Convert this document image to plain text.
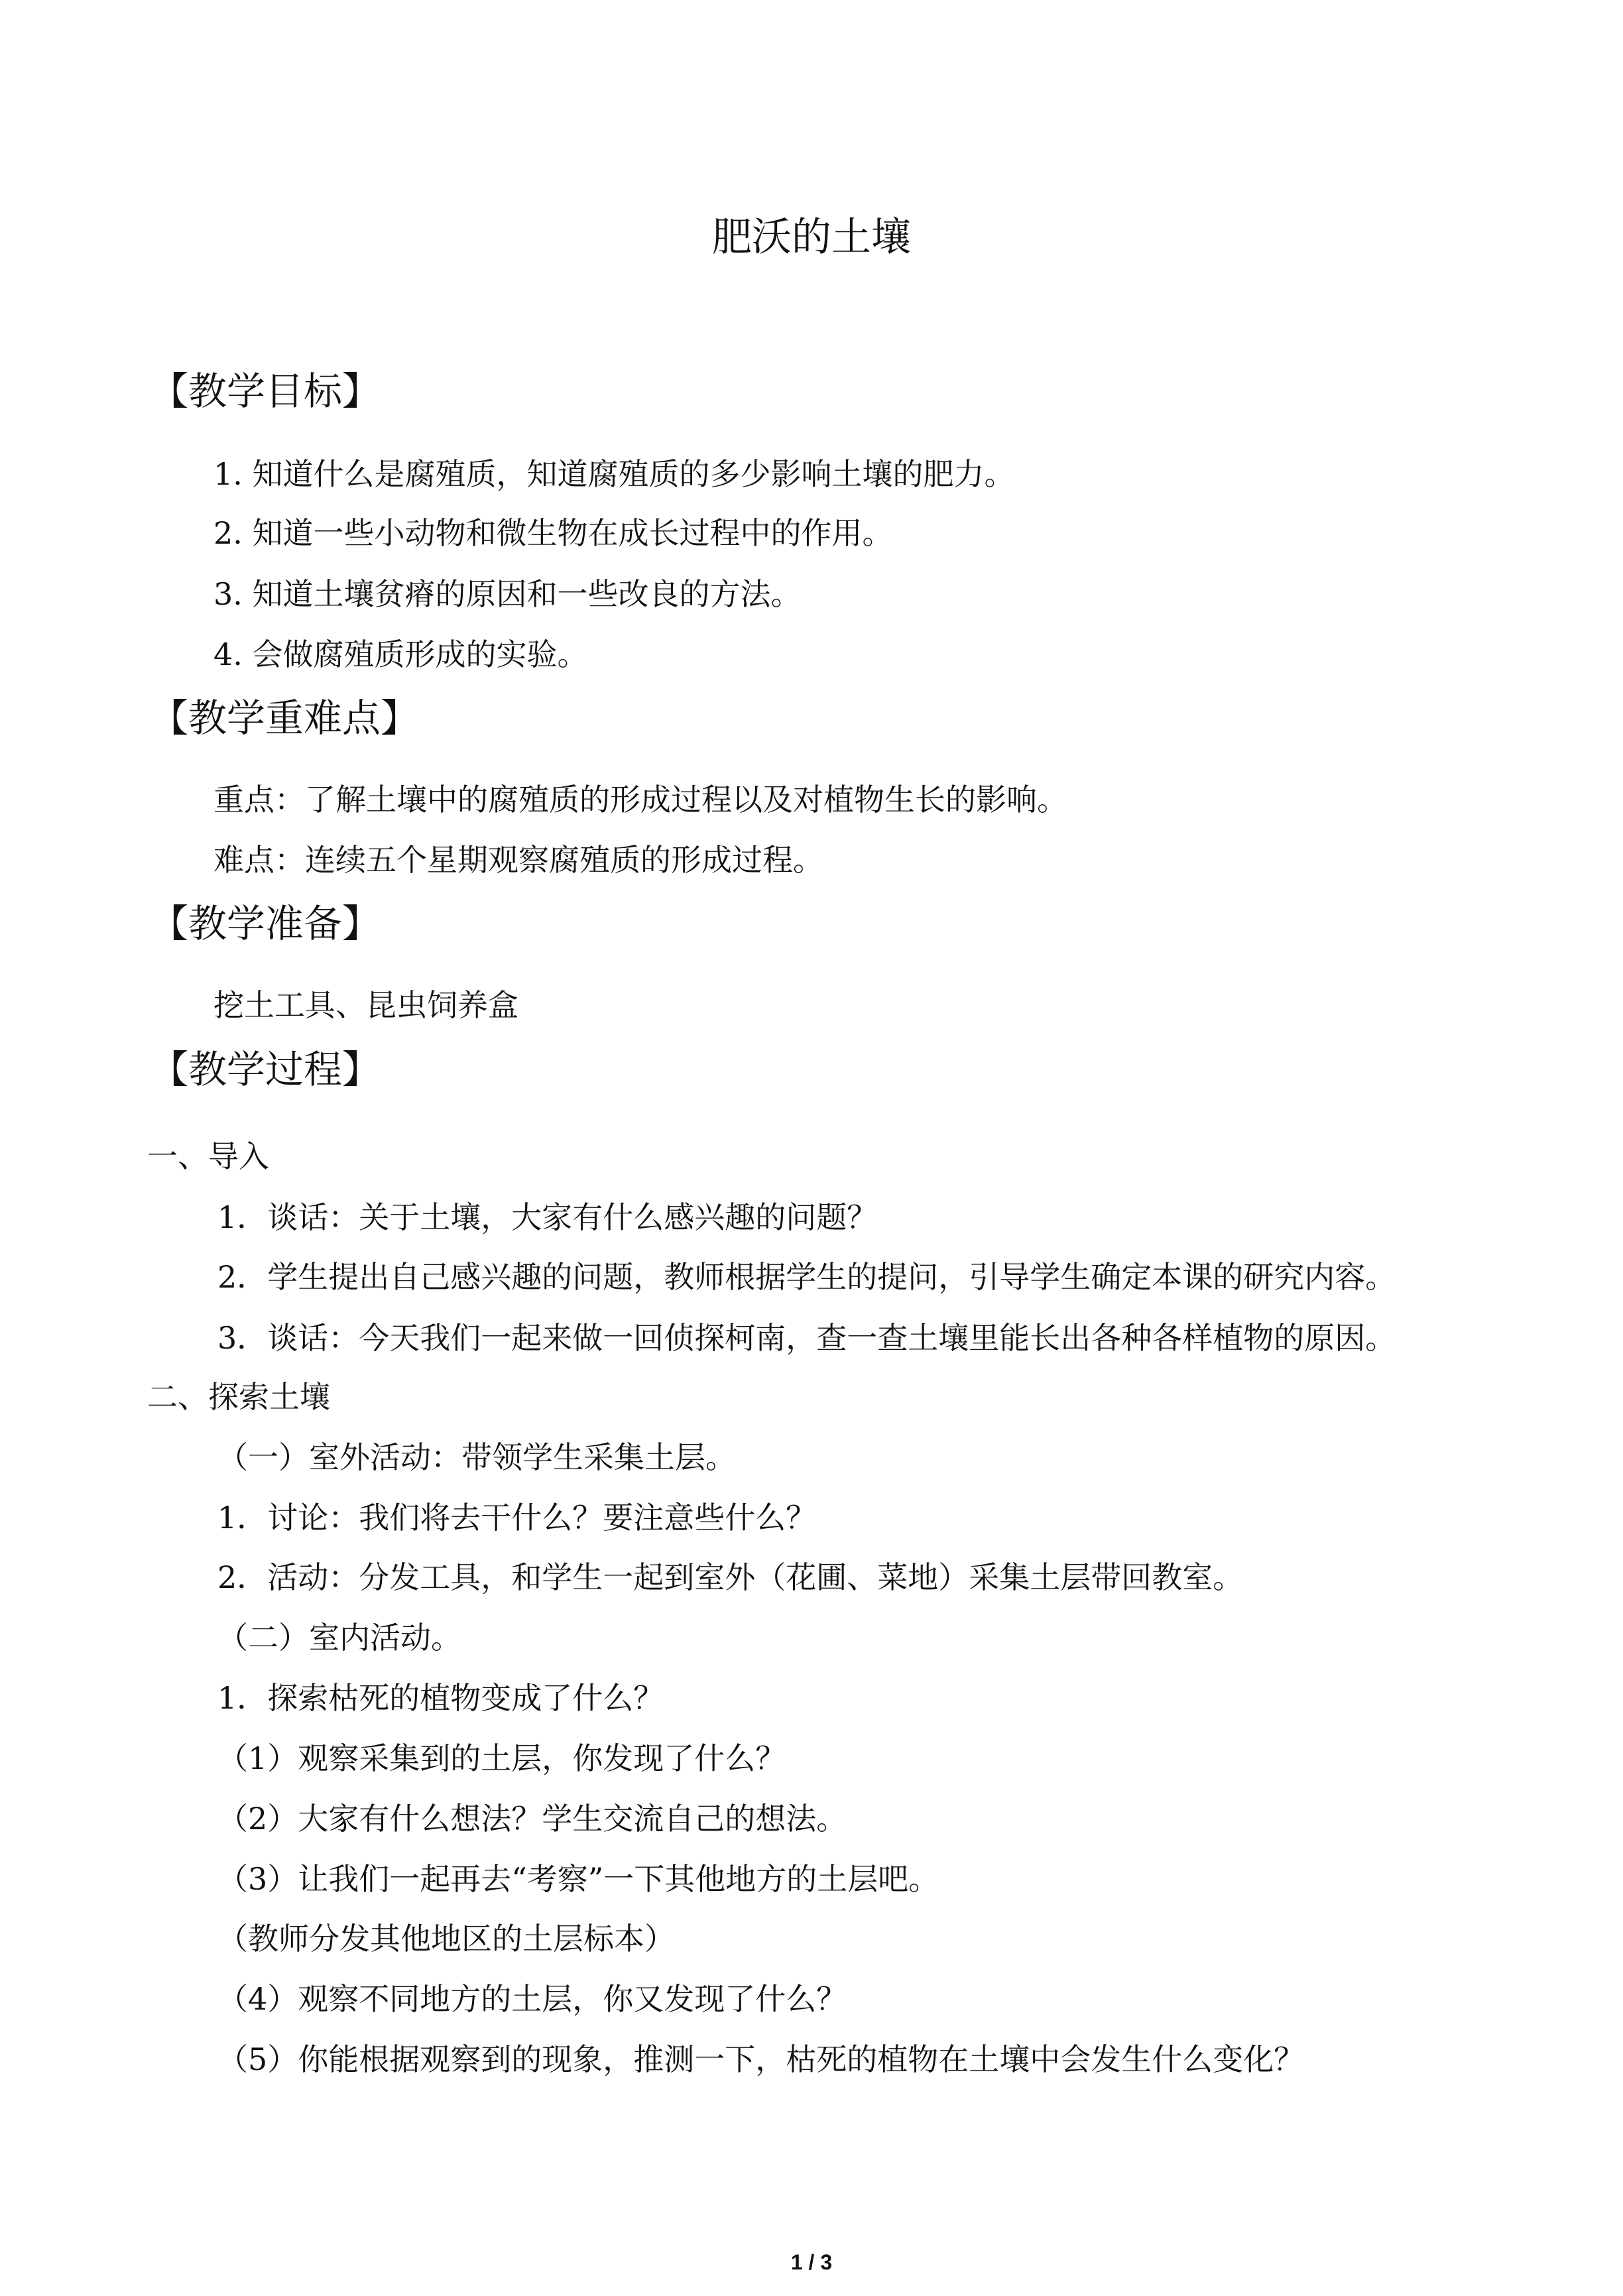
肥沃的土壤
【教学目标】
1. 知道什么是腐殖质，知道腐殖质的多少影响土壤的肥力。
2. 知道一些小动物和微生物在成长过程中的作用。
3. 知道土壤贫瘠的原因和一些改良的方法。
4. 会做腐殖质形成的实验。
【教学重难点】
重点：了解土壤中的腐殖质的形成过程以及对植物生长的影响。
难点：连续五个星期观察腐殖质的形成过程。
【教学准备】
挖土工具、昆虫饲养盒
【教学过程】
一、导入
1．谈话：关于土壤，大家有什么感兴趣的问题？
2．学生提出自己感兴趣的问题，教师根据学生的提问，引导学生确定本课的研究内容。
3．谈话：今天我们一起来做一回侦探柯南，查一查土壤里能长出各种各样植物的原因。
二、探索土壤
（一）室外活动：带领学生采集土层。
1．讨论：我们将去干什么？要注意些什么？
2．活动：分发工具，和学生一起到室外（花圃、菜地）采集土层带回教室。
（二）室内活动。
1．探索枯死的植物变成了什么？
（1）观察采集到的土层，你发现了什么？
（2）大家有什么想法？学生交流自己的想法。
（3）让我们一起再去“考察”一下其他地方的土层吧。
（教师分发其他地区的土层标本）
（4）观察不同地方的土层，你又发现了什么？
（5）你能根据观察到的现象，推测一下，枯死的植物在土壤中会发生什么变化？
1 / 3
